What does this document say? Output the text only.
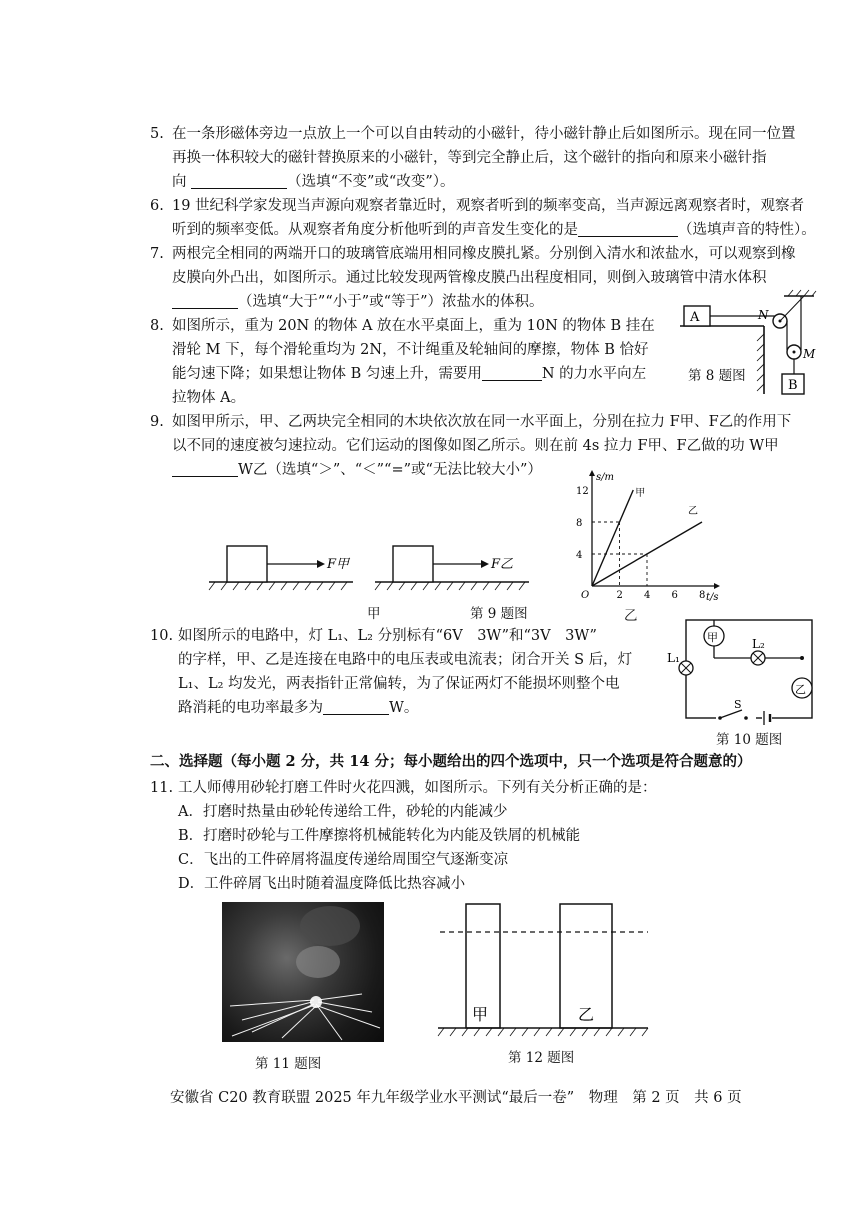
5. 在一条形磁体旁边一点放上一个可以自由转动的小磁针，待小磁针静止后如图所示。现在同一位置
再换一体积较大的磁针替换原来的小磁针，等到完全静止后，这个磁针的指向和原来小磁针指
向	（选填“不变”或“改变”）。
6. 19 世纪科学家发现当声源向观察者靠近时，观察者听到的频率变高，当声源远离观察者时，观察者
听到的频率变低。从观察者角度分析他听到的声音发生变化的是	（选填声音的特性）。
7. 两根完全相同的两端开口的玻璃管底端用相同橡皮膜扎紧。分别倒入清水和浓盐水，可以观察到橡
皮膜向外凸出，如图所示。通过比较发现两管橡皮膜凸出程度相同，则倒入玻璃管中清水体积
（选填“大于”“小于”或“等于”）浓盐水的体积。
8. 如图所示，重为 20N 的物体 A 放在水平桌面上，重为 10N 的物体 B 挂在
滑轮 M 下，每个滑轮重均为 2N，不计绳重及轮轴间的摩擦，物体 B 恰好
能匀速下降；如果想让物体 B 匀速上升，需要用	N 的力水平向左
拉物体 A。
A	N
M
B
第 8 题图
9. 如图甲所示，甲、乙两块完全相同的木块依次放在同一水平面上，分别在拉力 F甲、F乙的作用下
以不同的速度被匀速拉动。它们运动的图像如图乙所示。则在前 4s 拉力 F甲、F乙做的功 W甲
W乙（选填“＞”、“＜”“=”或“无法比较大小”）
F甲	F乙
甲	第 9 题图
s/m
t/s
O
12
8
4
2 4 6 8
甲
乙
乙
10. 如图所示的电路中，灯 L₁、L₂ 分别标有“6V　3W”和“3V　3W”
的字样，甲、乙是连接在电路中的电压表或电流表；闭合开关 S 后，灯
L₁、L₂ 均发光，两表指针正常偏转，为了保证两灯不能损坏则整个电
路消耗的电功率最多为	W。
甲	L₂
L₁
乙
S
第 10 题图
二、选择题（每小题 2 分，共 14 分；每小题给出的四个选项中，只一个选项是符合题意的）
11. 工人师傅用砂轮打磨工件时火花四溅，如图所示。下列有关分析正确的是：
A．打磨时热量由砂轮传递给工件，砂轮的内能减少
B．打磨时砂轮与工件摩擦将机械能转化为内能及铁屑的机械能
C．飞出的工件碎屑将温度传递给周围空气逐渐变凉
D．工件碎屑飞出时随着温度降低比热容减小
第 11 题图
甲	乙
第 12 题图
安徽省 C20 教育联盟 2025 年九年级学业水平测试“最后一卷”　物理　第 2 页　共 6 页
